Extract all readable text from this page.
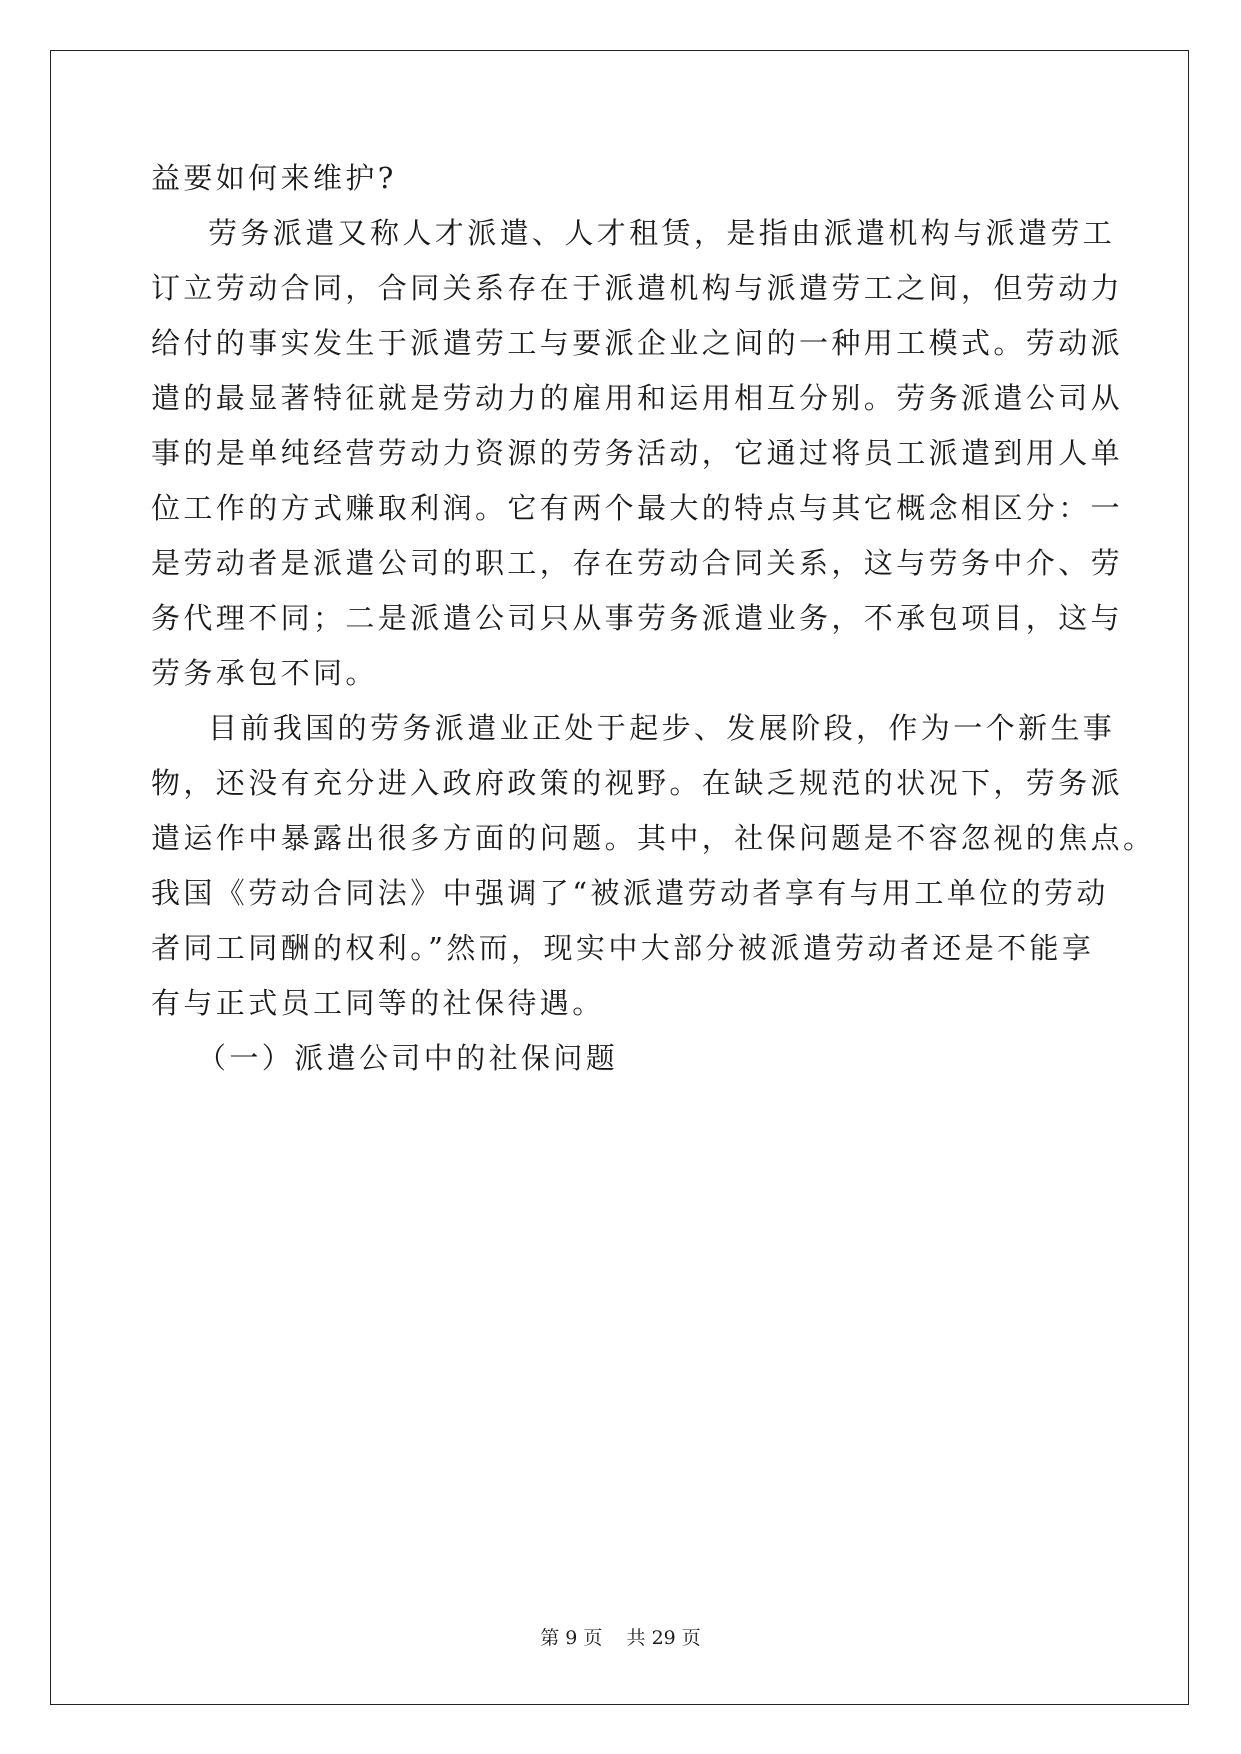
益要如何来维护?
劳务派遣又称人才派遣、人才租赁，是指由派遣机构与派遣劳工
订立劳动合同，合同关系存在于派遣机构与派遣劳工之间，但劳动力
给付的事实发生于派遣劳工与要派企业之间的一种用工模式。劳动派
遣的最显著特征就是劳动力的雇用和运用相互分别。劳务派遣公司从
事的是单纯经营劳动力资源的劳务活动，它通过将员工派遣到用人单
位工作的方式赚取利润。它有两个最大的特点与其它概念相区分：一
是劳动者是派遣公司的职工，存在劳动合同关系，这与劳务中介、劳
务代理不同；二是派遣公司只从事劳务派遣业务，不承包项目，这与
劳务承包不同。
目前我国的劳务派遣业正处于起步、发展阶段，作为一个新生事
物，还没有充分进入政府政策的视野。在缺乏规范的状况下，劳务派
遣运作中暴露出很多方面的问题。其中，社保问题是不容忽视的焦点。
我国《劳动合同法》中强调了“被派遣劳动者享有与用工单位的劳动
者同工同酬的权利。”然而，现实中大部分被派遣劳动者还是不能享
有与正式员工同等的社保待遇。
（一）派遣公司中的社保问题
第 9 页    共 29 页
